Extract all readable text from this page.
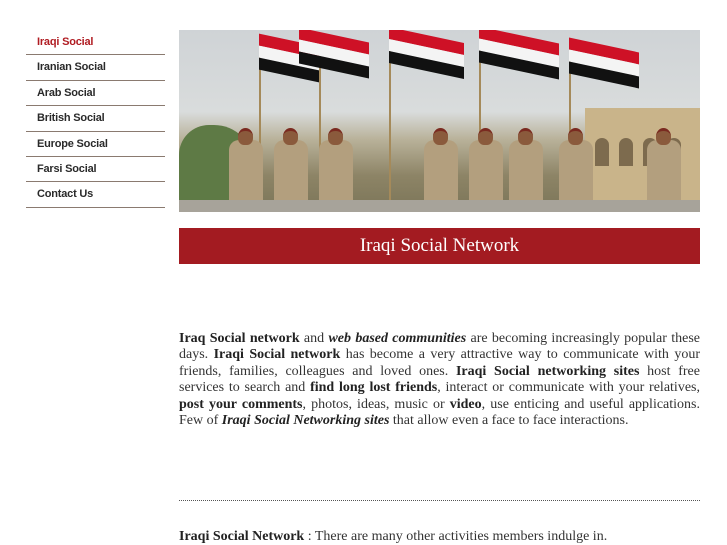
Iraqi Social
Iranian Social
Arab Social
British Social
Europe Social
Farsi Social
Contact Us
Iraqi Social Network

Iraq Social network and web based communities are becoming increasingly popular these days. Iraqi Social network has become a very attractive way to communicate with your friends, families, colleagues and loved ones. Iraqi Social networking sites host free services to search and find long lost friends, interact or communicate with your relatives, post your comments, photos, ideas, music or video, use enticing and useful applications. Few of Iraqi Social Networking sites that allow even a face to face interactions.

Iraqi Social Network : There are many other activities members indulge in.
